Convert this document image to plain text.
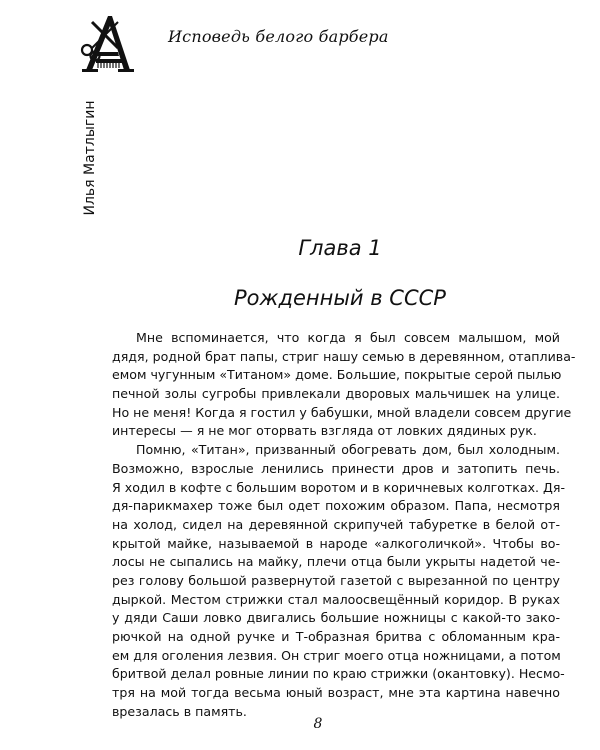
Исповедь белого барбера
Илья Матлыгин
Глава 1
Рожденный в СССР
Мне вспоминается, что когда я был совсем малышом, мой
дядя, родной брат папы, стриг нашу семью в деревянном, отаплива-
емом чугунным «Титаном» доме. Большие, покрытые серой пылью
печной золы сугробы привлекали дворовых мальчишек на улице.
Но не меня! Когда я гостил у бабушки, мной владели совсем другие
интересы — я не мог оторвать взгляда от ловких дядиных рук.
Помню, «Титан», призванный обогревать дом, был холодным.
Возможно, взрослые ленились принести дров и затопить печь.
Я ходил в кофте с большим воротом и в коричневых колготках. Дя-
дя-парикмахер тоже был одет похожим образом. Папа, несмотря
на холод, сидел на деревянной скрипучей табуретке в белой от-
крытой майке, называемой в народе «алкоголичкой». Чтобы во-
лосы не сыпались на майку, плечи отца были укрыты надетой че-
рез голову большой развернутой газетой с вырезанной по центру
дыркой. Местом стрижки стал малоосвещённый коридор. В руках
у дяди Саши ловко двигались большие ножницы с какой-то зако-
рючкой на одной ручке и Т-образная бритва с обломанным кра-
ем для оголения лезвия. Он стриг моего отца ножницами, а потом
бритвой делал ровные линии по краю стрижки (окантовку). Несмо-
тря на мой тогда весьма юный возраст, мне эта картина навечно
врезалась в память.
8
